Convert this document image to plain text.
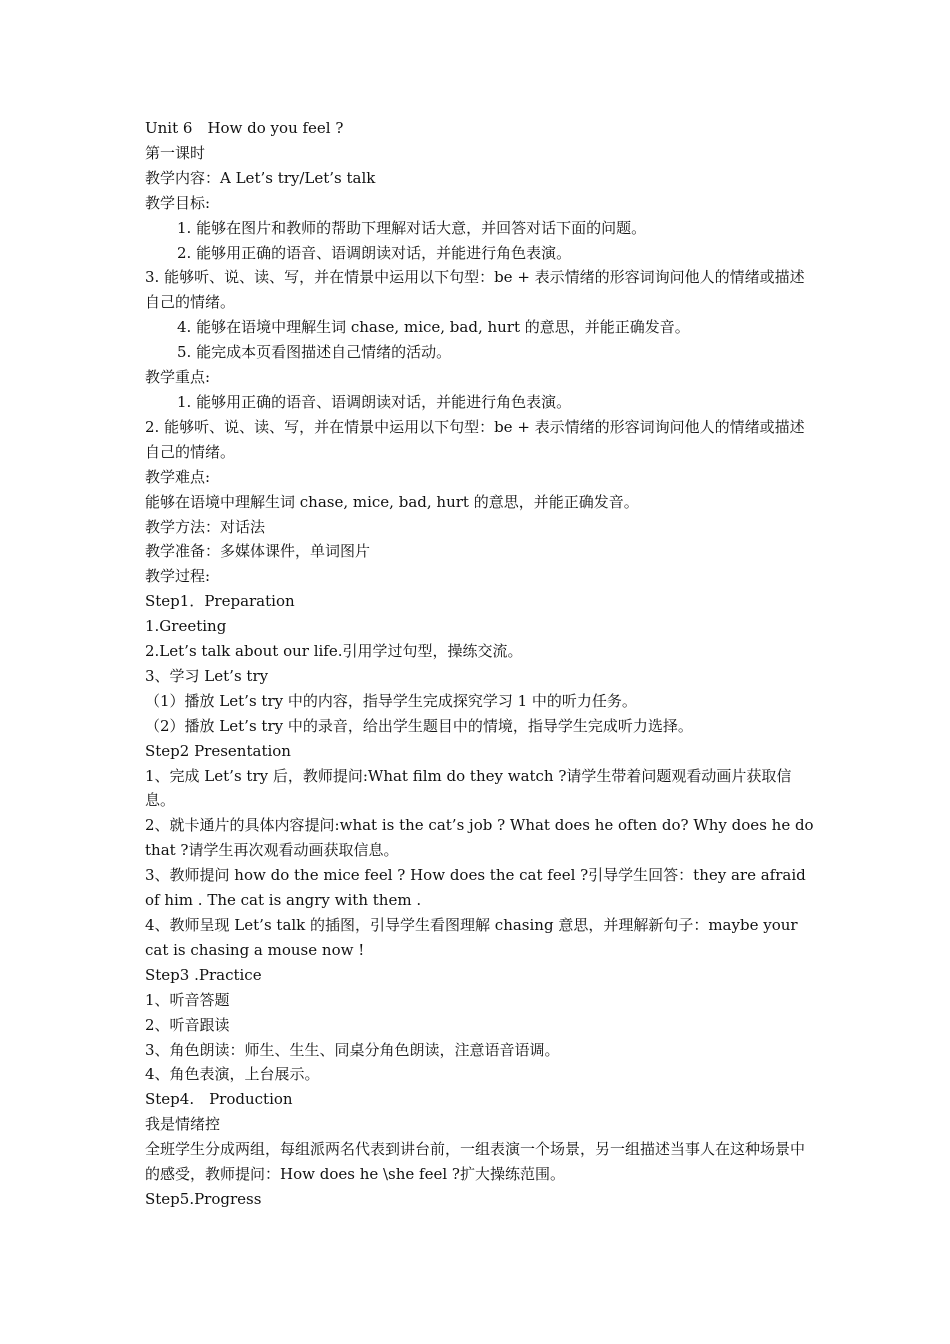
Unit 6　How do you feel ?

第一课时

教学内容：A Let’s try/Let’s talk

教学目标:

1. 能够在图片和教师的帮助下理解对话大意，并回答对话下面的问题。

2. 能够用正确的语音、语调朗读对话，并能进行角色表演。

3. 能够听、说、读、写，并在情景中运用以下句型：be + 表示情绪的形容词询问他人的情绪或描述自己的情绪。

4. 能够在语境中理解生词 chase, mice, bad, hurt 的意思，并能正确发音。

5. 能完成本页看图描述自己情绪的活动。

教学重点:

1. 能够用正确的语音、语调朗读对话，并能进行角色表演。

2. 能够听、说、读、写，并在情景中运用以下句型：be + 表示情绪的形容词询问他人的情绪或描述自己的情绪。

教学难点:

能够在语境中理解生词 chase, mice, bad, hurt 的意思，并能正确发音。

教学方法：对话法

教学准备：多媒体课件，单词图片

教学过程:

Step1．Preparation

1.Greeting

2.Let’s talk about our life.引用学过句型，操练交流。

3、学习 Let’s try

（1）播放 Let’s try 中的内容，指导学生完成探究学习 1 中的听力任务。

（2）播放 Let’s try 中的录音，给出学生题目中的情境，指导学生完成听力选择。

Step2 Presentation

1、完成 Let’s try 后，教师提问:What film do they watch ?请学生带着问题观看动画片获取信息。

2、就卡通片的具体内容提问:what is the cat’s job ? What does he often do? Why does he do that ?请学生再次观看动画获取信息。

3、教师提问 how do the mice feel ? How does the cat feel ?引导学生回答：they are afraid of him . The cat is angry with them .

4、教师呈现 Let’s talk 的插图，引导学生看图理解 chasing 意思，并理解新句子：maybe your cat is chasing a mouse now !

Step3 .Practice

1、听音答题

2、听音跟读

3、角色朗读：师生、生生、同桌分角色朗读，注意语音语调。

4、角色表演，上台展示。

Step4.　Production

我是情绪控

全班学生分成两组，每组派两名代表到讲台前，一组表演一个场景，另一组描述当事人在这种场景中的感受，教师提问：How does he \she feel ?扩大操练范围。

Step5.Progress
